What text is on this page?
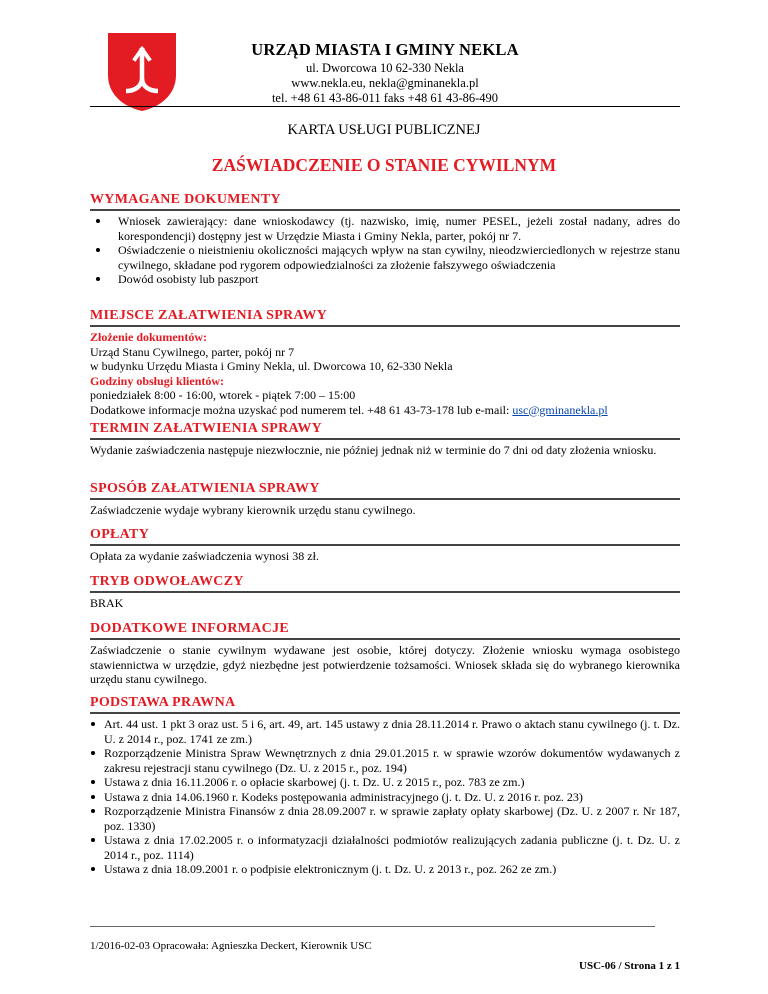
URZĄD MIASTA I GMINY NEKLA
ul. Dworcowa 10 62-330 Nekla
www.nekla.eu, nekla@gminanekla.pl
tel. +48 61 43-86-011 faks +48 61 43-86-490
KARTA USŁUGI PUBLICZNEJ
ZAŚWIADCZENIE O STANIE CYWILNYM
WYMAGANE DOKUMENTY
Wniosek zawierający: dane wnioskodawcy (tj. nazwisko, imię, numer PESEL, jeżeli został nadany, adres do korespondencji) dostępny jest w Urzędzie Miasta i Gminy Nekla, parter, pokój nr 7.
Oświadczenie o nieistnieniu okoliczności mających wpływ na stan cywilny, nieodzwierciedlonych w rejestrze stanu cywilnego, składane pod rygorem odpowiedzialności za złożenie fałszywego oświadczenia
Dowód osobisty lub paszport
MIEJSCE ZAŁATWIENIA SPRAWY
Złożenie dokumentów:
Urząd Stanu Cywilnego, parter, pokój nr 7
w budynku Urzędu Miasta i Gminy Nekla, ul. Dworcowa 10, 62-330 Nekla
Godziny obsługi klientów:
poniedziałek 8:00 - 16:00, wtorek - piątek 7:00 – 15:00
Dodatkowe informacje można uzyskać pod numerem tel. +48 61 43-73-178 lub e-mail: usc@gminanekla.pl
TERMIN ZAŁATWIENIA SPRAWY
Wydanie zaświadczenia następuje niezwłocznie, nie później jednak niż w terminie do 7 dni od daty złożenia wniosku.
SPOSÓB ZAŁATWIENIA SPRAWY
Zaświadczenie wydaje wybrany kierownik urzędu stanu cywilnego.
OPŁATY
Opłata za wydanie zaświadczenia wynosi 38 zł.
TRYB ODWOŁAWCZY
BRAK
DODATKOWE INFORMACJE
Zaświadczenie o stanie cywilnym wydawane jest osobie, której dotyczy. Złożenie wniosku wymaga osobistego stawiennictwa w urzędzie, gdyż niezbędne jest potwierdzenie tożsamości. Wniosek składa się do wybranego kierownika urzędu stanu cywilnego.
PODSTAWA PRAWNA
Art. 44 ust. 1 pkt 3 oraz ust. 5 i 6, art. 49, art. 145 ustawy z dnia 28.11.2014 r. Prawo o aktach stanu cywilnego (j. t. Dz. U. z 2014 r., poz. 1741 ze zm.)
Rozporządzenie Ministra Spraw Wewnętrznych z dnia 29.01.2015 r. w sprawie wzorów dokumentów wydawanych z zakresu rejestracji stanu cywilnego (Dz. U. z 2015 r., poz. 194)
Ustawa z dnia 16.11.2006 r. o opłacie skarbowej (j. t. Dz. U. z 2015 r., poz. 783 ze zm.)
Ustawa z dnia 14.06.1960 r. Kodeks postępowania administracyjnego (j. t. Dz. U. z 2016 r. poz. 23)
Rozporządzenie Ministra Finansów z dnia 28.09.2007 r. w sprawie zapłaty opłaty skarbowej (Dz. U. z 2007 r. Nr 187, poz. 1330)
Ustawa z dnia 17.02.2005 r. o informatyzacji działalności podmiotów realizujących zadania publiczne (j. t. Dz. U. z 2014 r., poz. 1114)
Ustawa z dnia 18.09.2001 r. o podpisie elektronicznym (j. t. Dz. U. z 2013 r., poz. 262 ze zm.)
1/2016-02-03 Opracowała: Agnieszka Deckert, Kierownik USC
USC-06 / Strona 1 z 1
